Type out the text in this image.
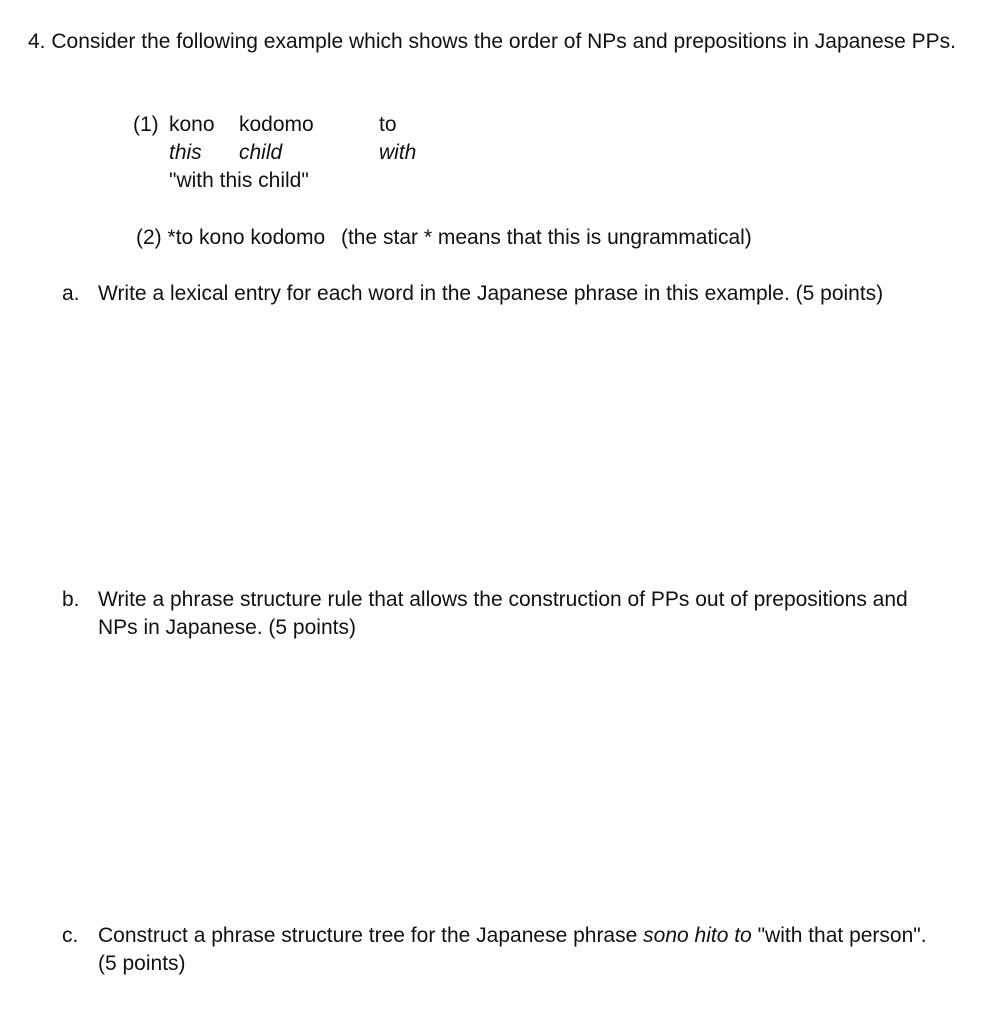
4. Consider the following example which shows the order of NPs and prepositions in Japanese PPs.
(1) kono kodomo	to
this child	with
"with this child"
(2) *to kono kodomo (the star * means that this is ungrammatical)
a. Write a lexical entry for each word in the Japanese phrase in this example. (5 points)
b. Write a phrase structure rule that allows the construction of PPs out of prepositions and NPs in Japanese. (5 points)
c. Construct a phrase structure tree for the Japanese phrase sono hito to "with that person". (5 points)
